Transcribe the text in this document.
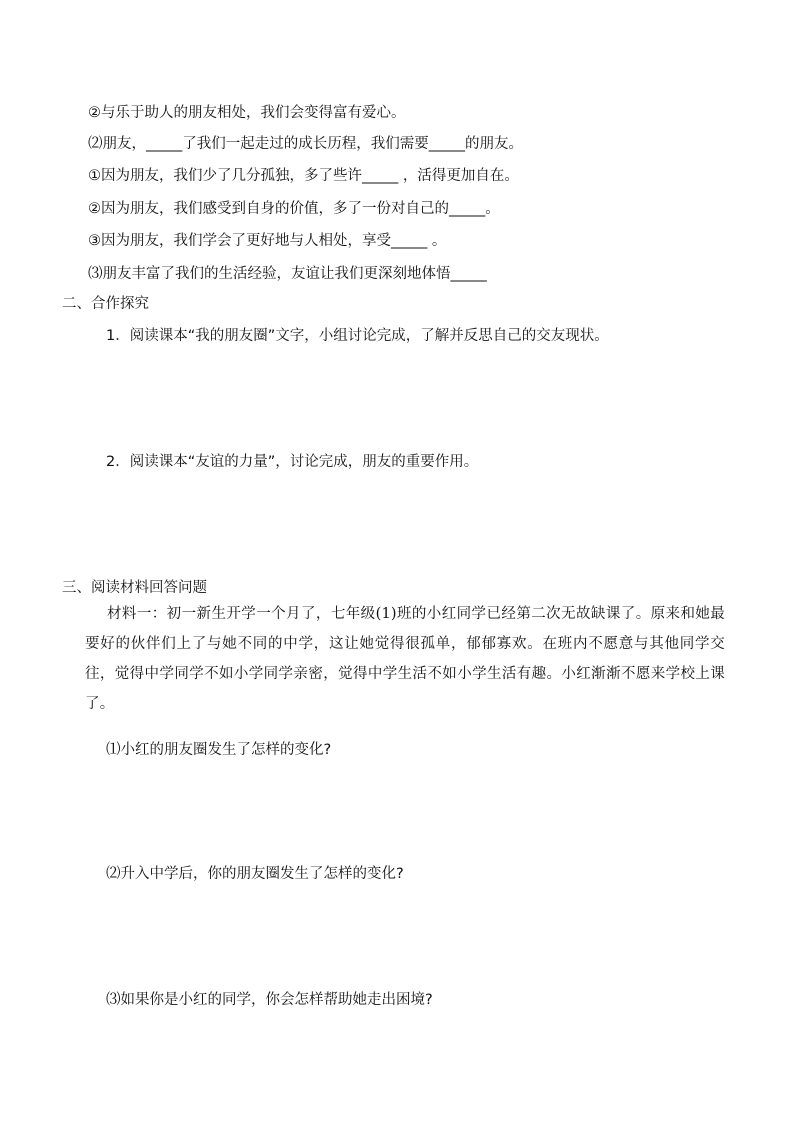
②与乐于助人的朋友相处，我们会变得富有爱心。
⑵朋友，_____了我们一起走过的成长历程，我们需要_____的朋友。
①因为朋友，我们少了几分孤独，多了些许_____ ，活得更加自在。
②因为朋友，我们感受到自身的价值，多了一份对自己的_____。
③因为朋友，我们学会了更好地与人相处，享受_____ 。
⑶朋友丰富了我们的生活经验，友谊让我们更深刻地体悟_____
二、合作探究
1．阅读课本“我的朋友圈”文字，小组讨论完成，了解并反思自己的交友现状。
2．阅读课本“友谊的力量”，讨论完成，朋友的重要作用。
三、阅读材料回答问题
材料一：初一新生开学一个月了，七年级(1)班的小红同学已经第二次无故缺课了。原来和她最要好的伙伴们上了与她不同的中学，这让她觉得很孤单，郁郁寡欢。在班内不愿意与其他同学交往，觉得中学同学不如小学同学亲密，觉得中学生活不如小学生活有趣。小红渐渐不愿来学校上课了。
⑴小红的朋友圈发生了怎样的变化?
⑵升入中学后，你的朋友圈发生了怎样的变化?
⑶如果你是小红的同学，你会怎样帮助她走出困境?
